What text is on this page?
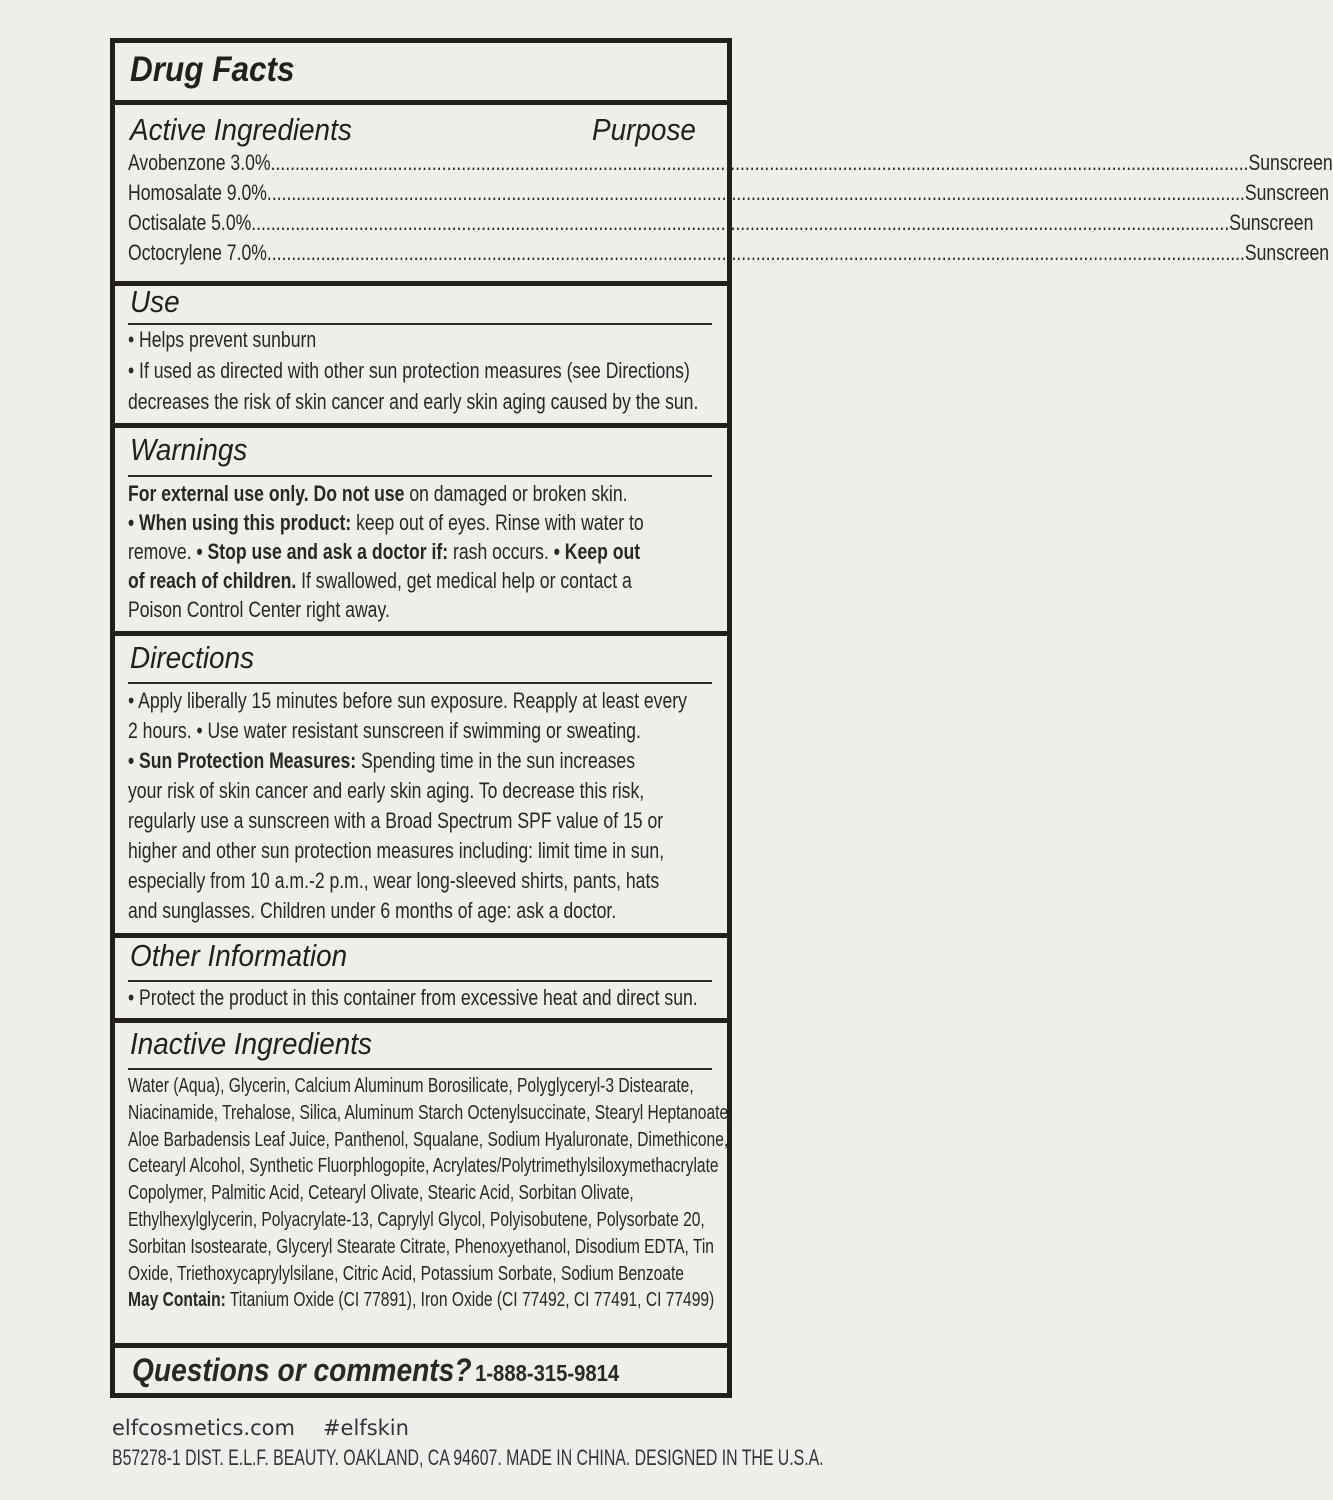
Drug Facts
Active Ingredients	Purpose
Avobenzone 3.0% ........................................................................................................................................................................................................ Sunscreen
Homosalate 9.0% ........................................................................................................................................................................................................ Sunscreen
Octisalate 5.0% ........................................................................................................................................................................................................ Sunscreen
Octocrylene 7.0% ........................................................................................................................................................................................................ Sunscreen
Use
• Helps prevent sunburn
• If used as directed with other sun protection measures (see Directions)
decreases the risk of skin cancer and early skin aging caused by the sun.
Warnings
For external use only. Do not use on damaged or broken skin.
• When using this product: keep out of eyes. Rinse with water to
remove. • Stop use and ask a doctor if: rash occurs. • Keep out
of reach of children. If swallowed, get medical help or contact a
Poison Control Center right away.
Directions
• Apply liberally 15 minutes before sun exposure. Reapply at least every
2 hours. • Use water resistant sunscreen if swimming or sweating.
• Sun Protection Measures: Spending time in the sun increases
your risk of skin cancer and early skin aging. To decrease this risk,
regularly use a sunscreen with a Broad Spectrum SPF value of 15 or
higher and other sun protection measures including: limit time in sun,
especially from 10 a.m.-2 p.m., wear long-sleeved shirts, pants, hats
and sunglasses. Children under 6 months of age: ask a doctor.
Other Information
• Protect the product in this container from excessive heat and direct sun.
Inactive Ingredients
Water (Aqua), Glycerin, Calcium Aluminum Borosilicate, Polyglyceryl-3 Distearate,
Niacinamide, Trehalose, Silica, Aluminum Starch Octenylsuccinate, Stearyl Heptanoate,
Aloe Barbadensis Leaf Juice, Panthenol, Squalane, Sodium Hyaluronate, Dimethicone,
Cetearyl Alcohol, Synthetic Fluorphlogopite, Acrylates/Polytrimethylsiloxymethacrylate
Copolymer, Palmitic Acid, Cetearyl Olivate, Stearic Acid, Sorbitan Olivate,
Ethylhexylglycerin, Polyacrylate-13, Caprylyl Glycol, Polyisobutene, Polysorbate 20,
Sorbitan Isostearate, Glyceryl Stearate Citrate, Phenoxyethanol, Disodium EDTA, Tin
Oxide, Triethoxycaprylylsilane, Citric Acid, Potassium Sorbate, Sodium Benzoate
May Contain: Titanium Oxide (CI 77891), Iron Oxide (CI 77492, CI 77491, CI 77499)
Questions or comments? 1-888-315-9814
elfcosmetics.com #elfskin
B57278-1 DIST. E.L.F. BEAUTY. OAKLAND, CA 94607. MADE IN CHINA. DESIGNED IN THE U.S.A.
